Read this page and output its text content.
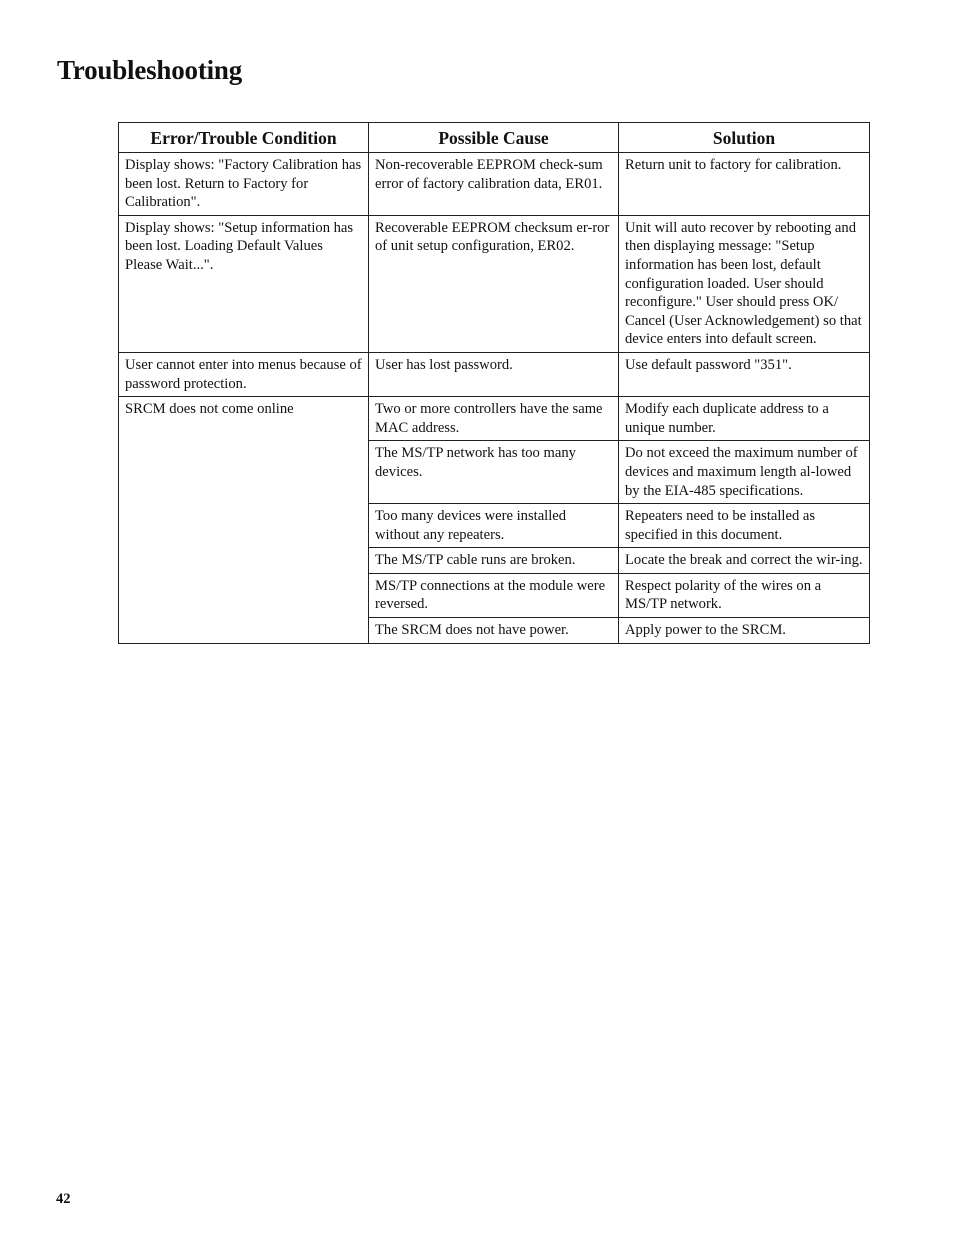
Troubleshooting
Error/Trouble Condition	Possible Cause	Solution
Display shows: "Factory Calibration has been lost. Return to Factory for Calibration".	Non-recoverable EEPROM check-sum error of factory calibration data, ER01.	Return unit to factory for calibration.
Display shows: "Setup information has been lost. Loading Default Values Please Wait...".	Recoverable EEPROM checksum er-ror of unit setup configuration, ER02.	Unit will auto recover by rebooting and then displaying message: "Setup information has been lost, default configuration loaded. User should reconfigure." User should press OK/ Cancel (User Acknowledgement) so that device enters into default screen.
User cannot enter into menus because of password protection.	User has lost password.	Use default password "351".
SRCM does not come online	Two or more controllers have the same MAC address.	Modify each duplicate address to a unique number.
	The MS/TP network has too many devices.	Do not exceed the maximum number of devices and maximum length al-lowed by the EIA-485 specifications.
	Too many devices were installed without any repeaters.	Repeaters need to be installed as specified in this document.
	The MS/TP cable runs are broken.	Locate the break and correct the wir-ing.
	MS/TP connections at the module were reversed.	Respect polarity of the wires on a MS/TP network.
	The SRCM does not have power.	Apply power to the SRCM.
42
